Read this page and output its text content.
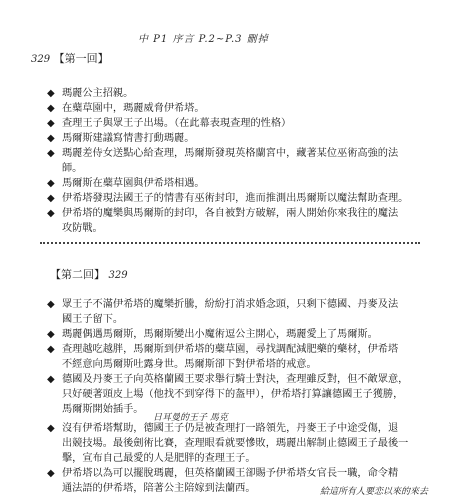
中 P1 序言 P.2~P.3 刪掉
329 【第一回】
◆ 瑪麗公主招親。
◆ 在蘗草園中，瑪麗威脅伊希塔。
◆ 查理王子與眾王子出場。（在此幕表現查理的性格）
◆ 馬爾斯建議寫情書打動瑪麗。
◆ 瑪麗差侍女送點心給查理，馬爾斯發現英格蘭宮中，藏著某位巫術高強的法
師。
◆ 馬爾斯在蘗草園與伊希塔相遇。
◆ 伊希塔發現法國王子的情書有巫術封印，進而推測出馬爾斯以魔法幫助查理。
◆ 伊希塔的魔樂與馬爾斯的封印，各自被對方破解，兩人開始你來我往的魔法
攻防戰。
【第二回】 329
◆ 眾王子不滿伊希塔的魔樂折騰，紛紛打消求婚念頭，只剩下德國、丹麥及法
國王子留下。
◆ 瑪麗偶遇馬爾斯，馬爾斯變出小魔術逗公主開心，瑪麗愛上了馬爾斯。
◆ 查理越吃越胖，馬爾斯到伊希塔的蘗草園，尋找調配減肥藥的藥材，伊希塔
不經意向馬爾斯吐露身世。馬爾斯卻下對伊希塔的戒意。
◆ 德國及丹麥王子向英格蘭國王要求舉行騎士對決，查理雖反對，但不敵眾意，
只好硬著頭皮上場（他找不到穿得下的盔甲），伊希塔打算讓德國王子獲勝，
馬爾斯開始插手。
日耳曼的王子 馬克
◆ 沒有伊希塔幫助，德國王子仍是被查理打一路領先，丹麥王子中途受傷，退
出競技場。最後劍術比賽，查理眼看就要慘敗，瑪麗出解制止德國王子最後一
擊，宣布自己最愛的人是肥胖的查理王子。
◆ 伊希塔以為可以擺脫瑪麗，但英格蘭國王卻賜予伊希塔女官長一職，命令精
通法語的伊希塔，陪著公主陪嫁到法蘭西。	給這所有人要恋以來的來去
